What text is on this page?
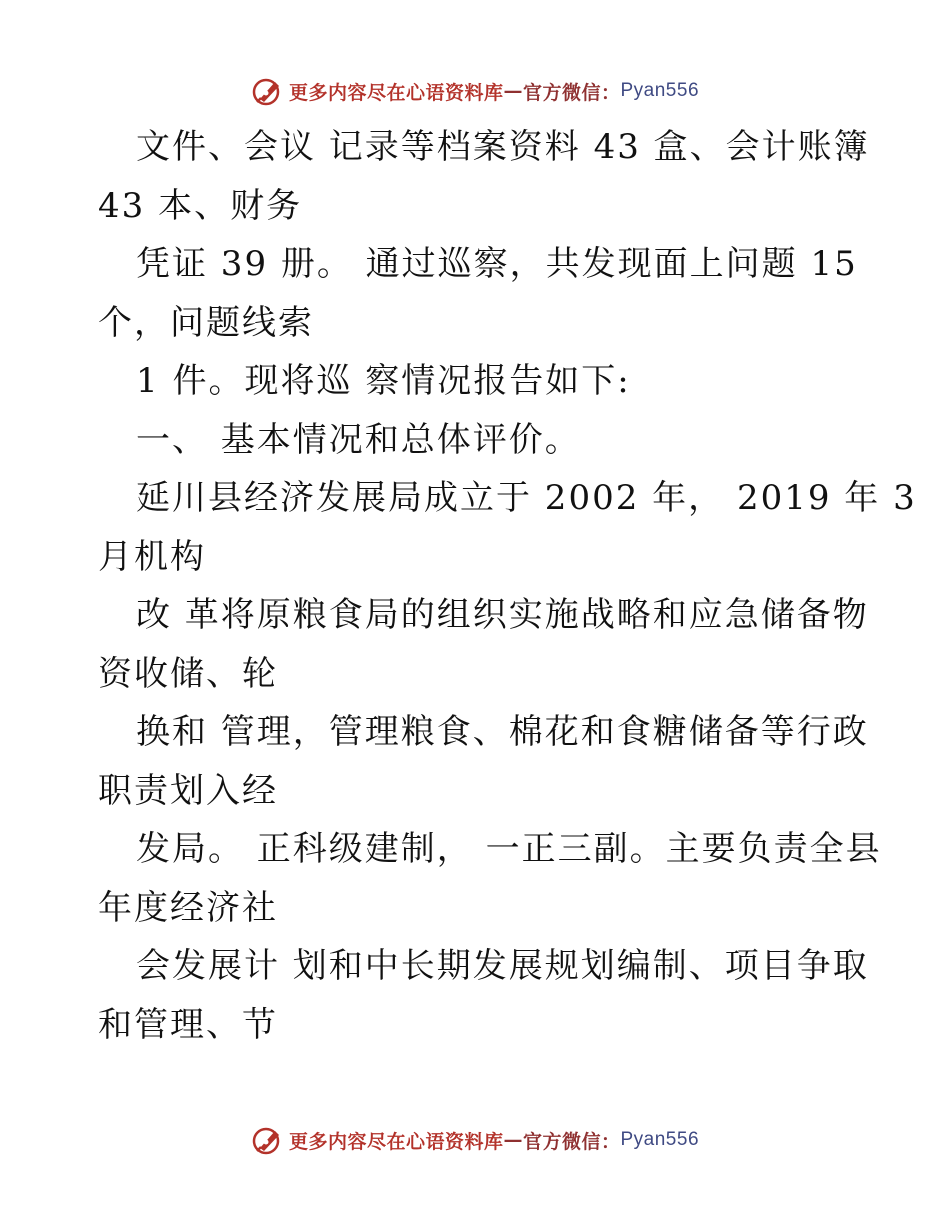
更多内容尽在心语资料库 — 官方微信： Pyan556
文件、会议 记录等档案资料 43 盒、会计账簿
43 本、财务
凭证 39 册。 通过巡察，共发现面上问题 15
个，问题线索
1 件。现将巡 察情况报告如下:
一、 基本情况和总体评价。
延川县经济发展局成立于 2002 年， 2019 年 3
月机构
改 革将原粮食局的组织实施战略和应急储备物
资收储、轮
换和 管理，管理粮食、棉花和食糖储备等行政
职责划入经
发局。 正科级建制， 一正三副。主要负责全县
年度经济社
会发展计 划和中长期发展规划编制、项目争取
和管理、节
更多内容尽在心语资料库 — 官方微信： Pyan556
